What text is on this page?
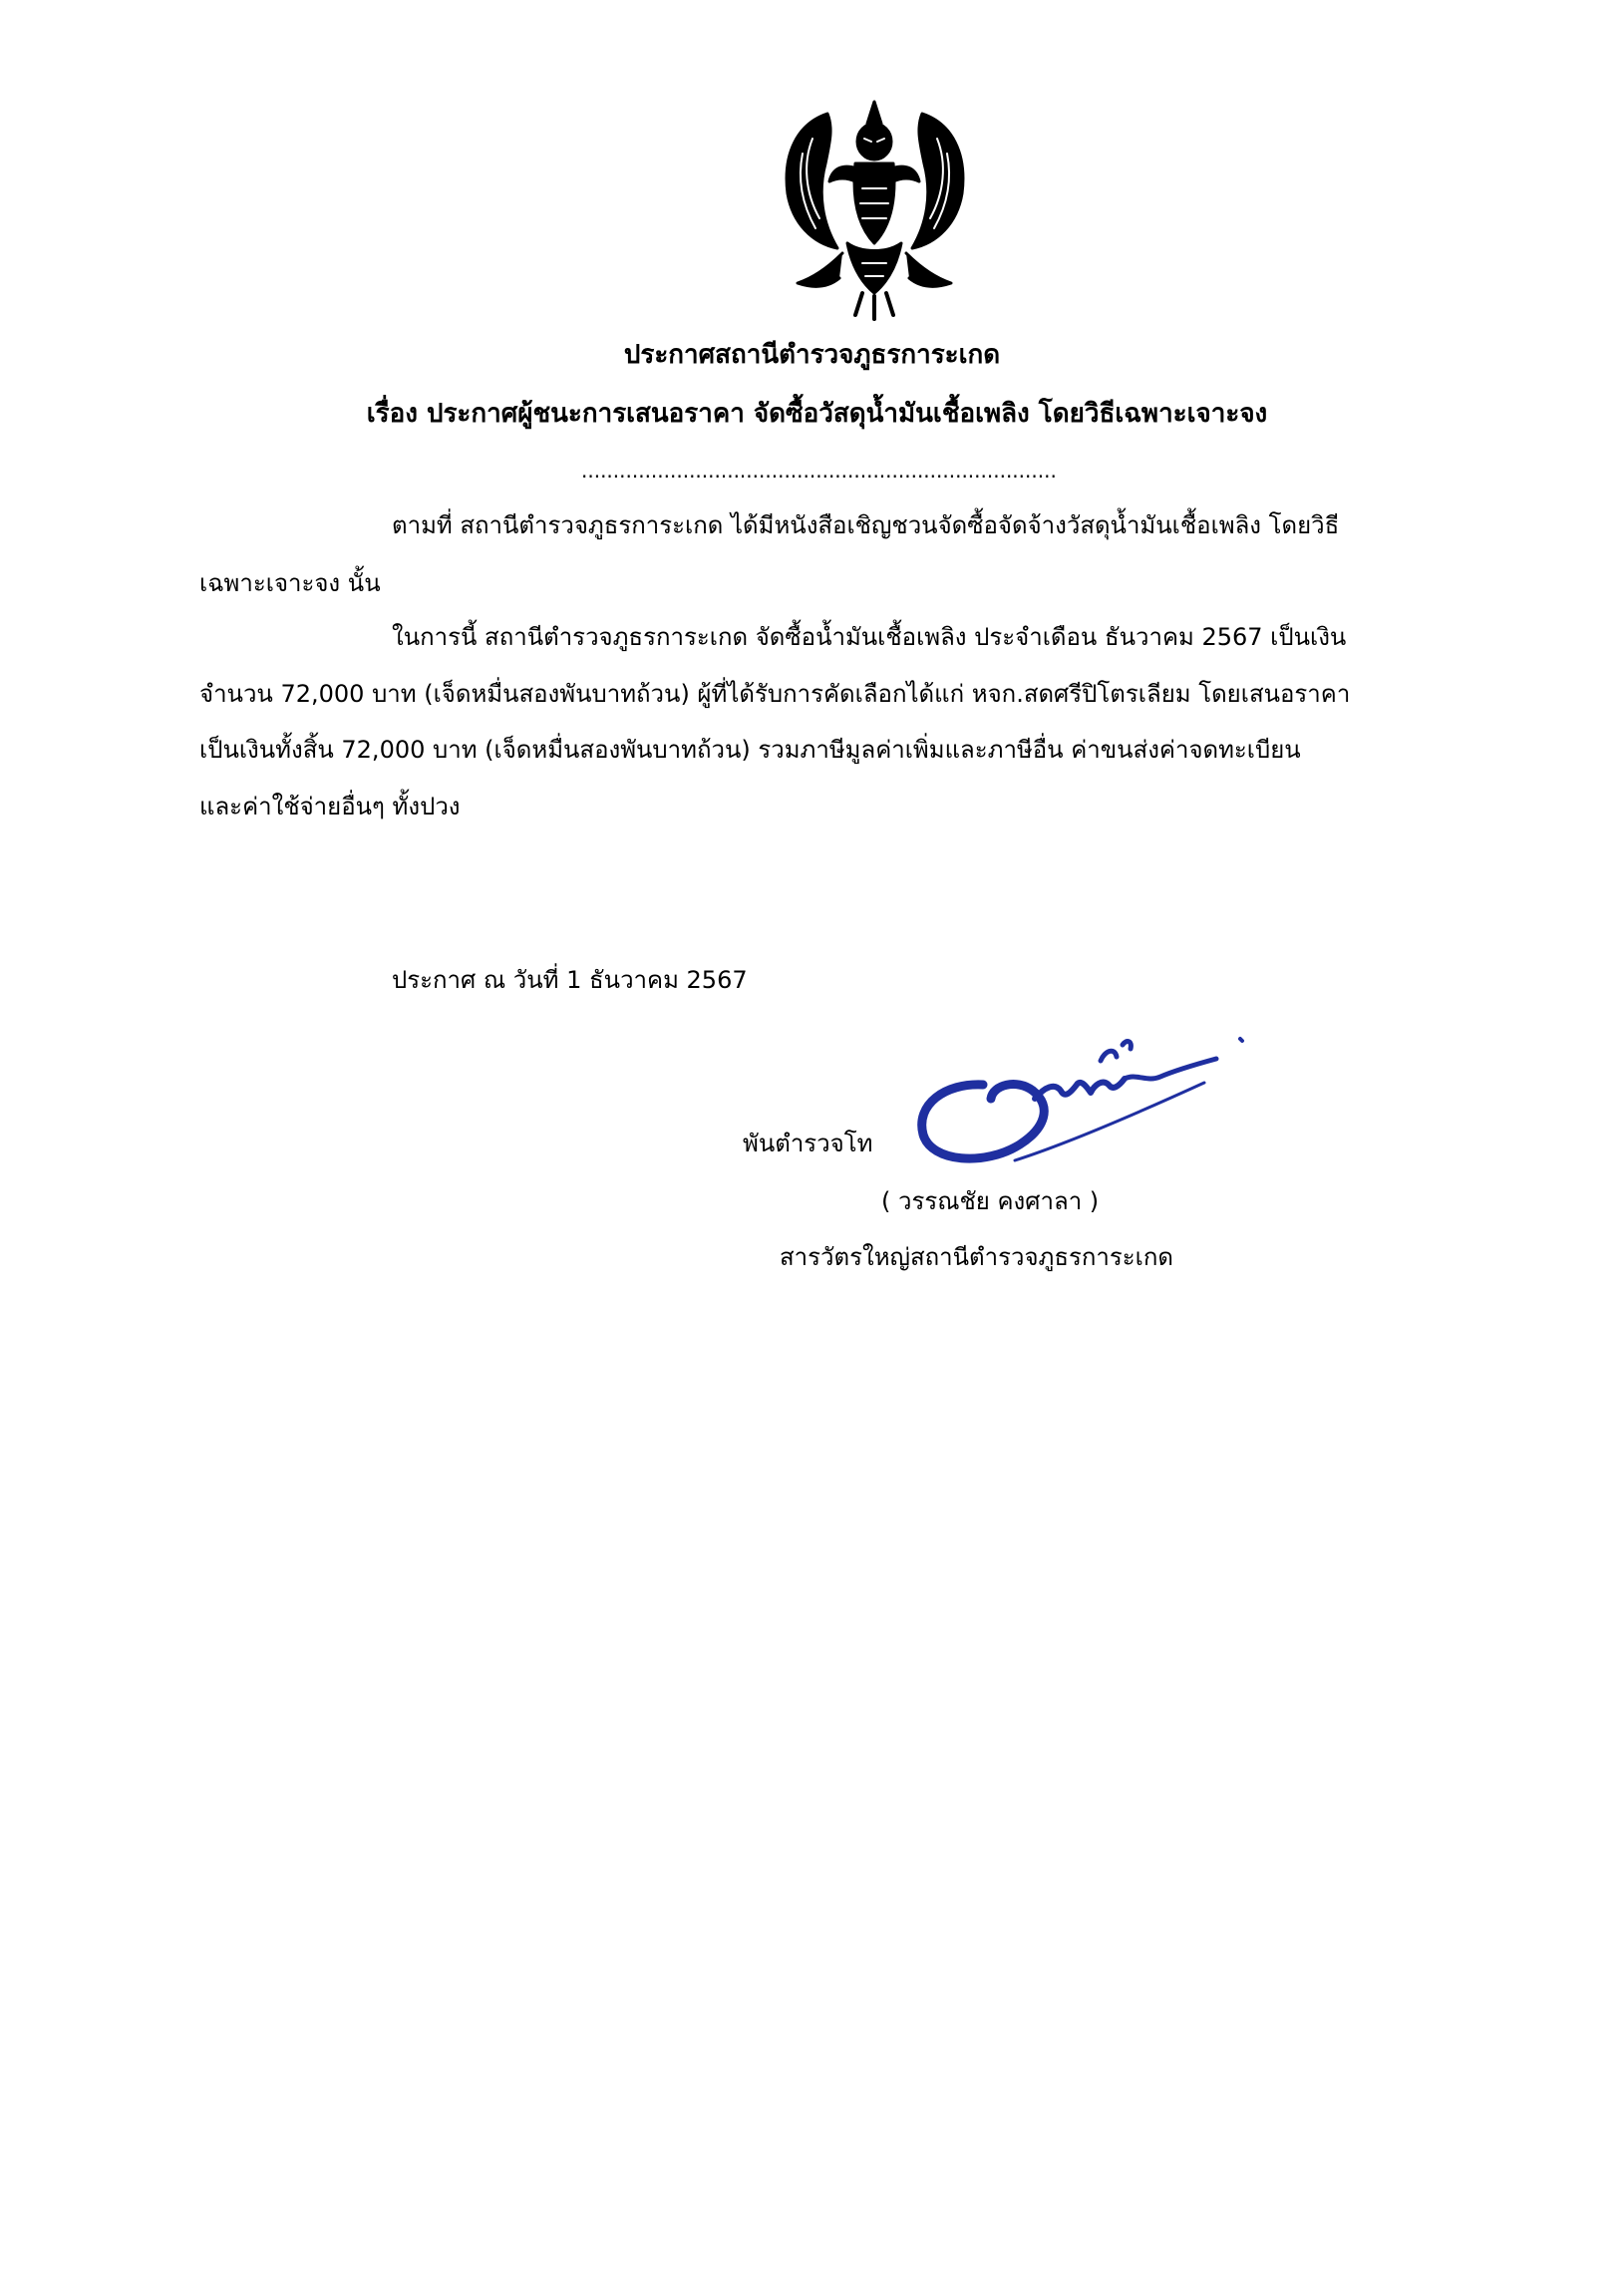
ประกาศสถานีตำรวจภูธรการะเกด
เรื่อง ประกาศผู้ชนะการเสนอราคา จัดซื้อวัสดุน้ำมันเชื้อเพลิง โดยวิธีเฉพาะเจาะจง
...........................................................................
ตามที่ สถานีตำรวจภูธรการะเกด ได้มีหนังสือเชิญชวนจัดซื้อจัดจ้างวัสดุน้ำมันเชื้อเพลิง โดยวิธี
เฉพาะเจาะจง นั้น
ในการนี้ สถานีตำรวจภูธรการะเกด จัดซื้อน้ำมันเชื้อเพลิง ประจำเดือน ธันวาคม 2567 เป็นเงิน
จำนวน 72,000 บาท (เจ็ดหมื่นสองพันบาทถ้วน) ผู้ที่ได้รับการคัดเลือกได้แก่ หจก.สดศรีปิโตรเลียม โดยเสนอราคา
เป็นเงินทั้งสิ้น 72,000 บาท (เจ็ดหมื่นสองพันบาทถ้วน) รวมภาษีมูลค่าเพิ่มและภาษีอื่น ค่าขนส่งค่าจดทะเบียน
และค่าใช้จ่ายอื่นๆ ทั้งปวง
ประกาศ ณ วันที่ 1 ธันวาคม 2567
พันตำรวจโท
( วรรณชัย คงศาลา )
สารวัตรใหญ่สถานีตำรวจภูธรการะเกด
